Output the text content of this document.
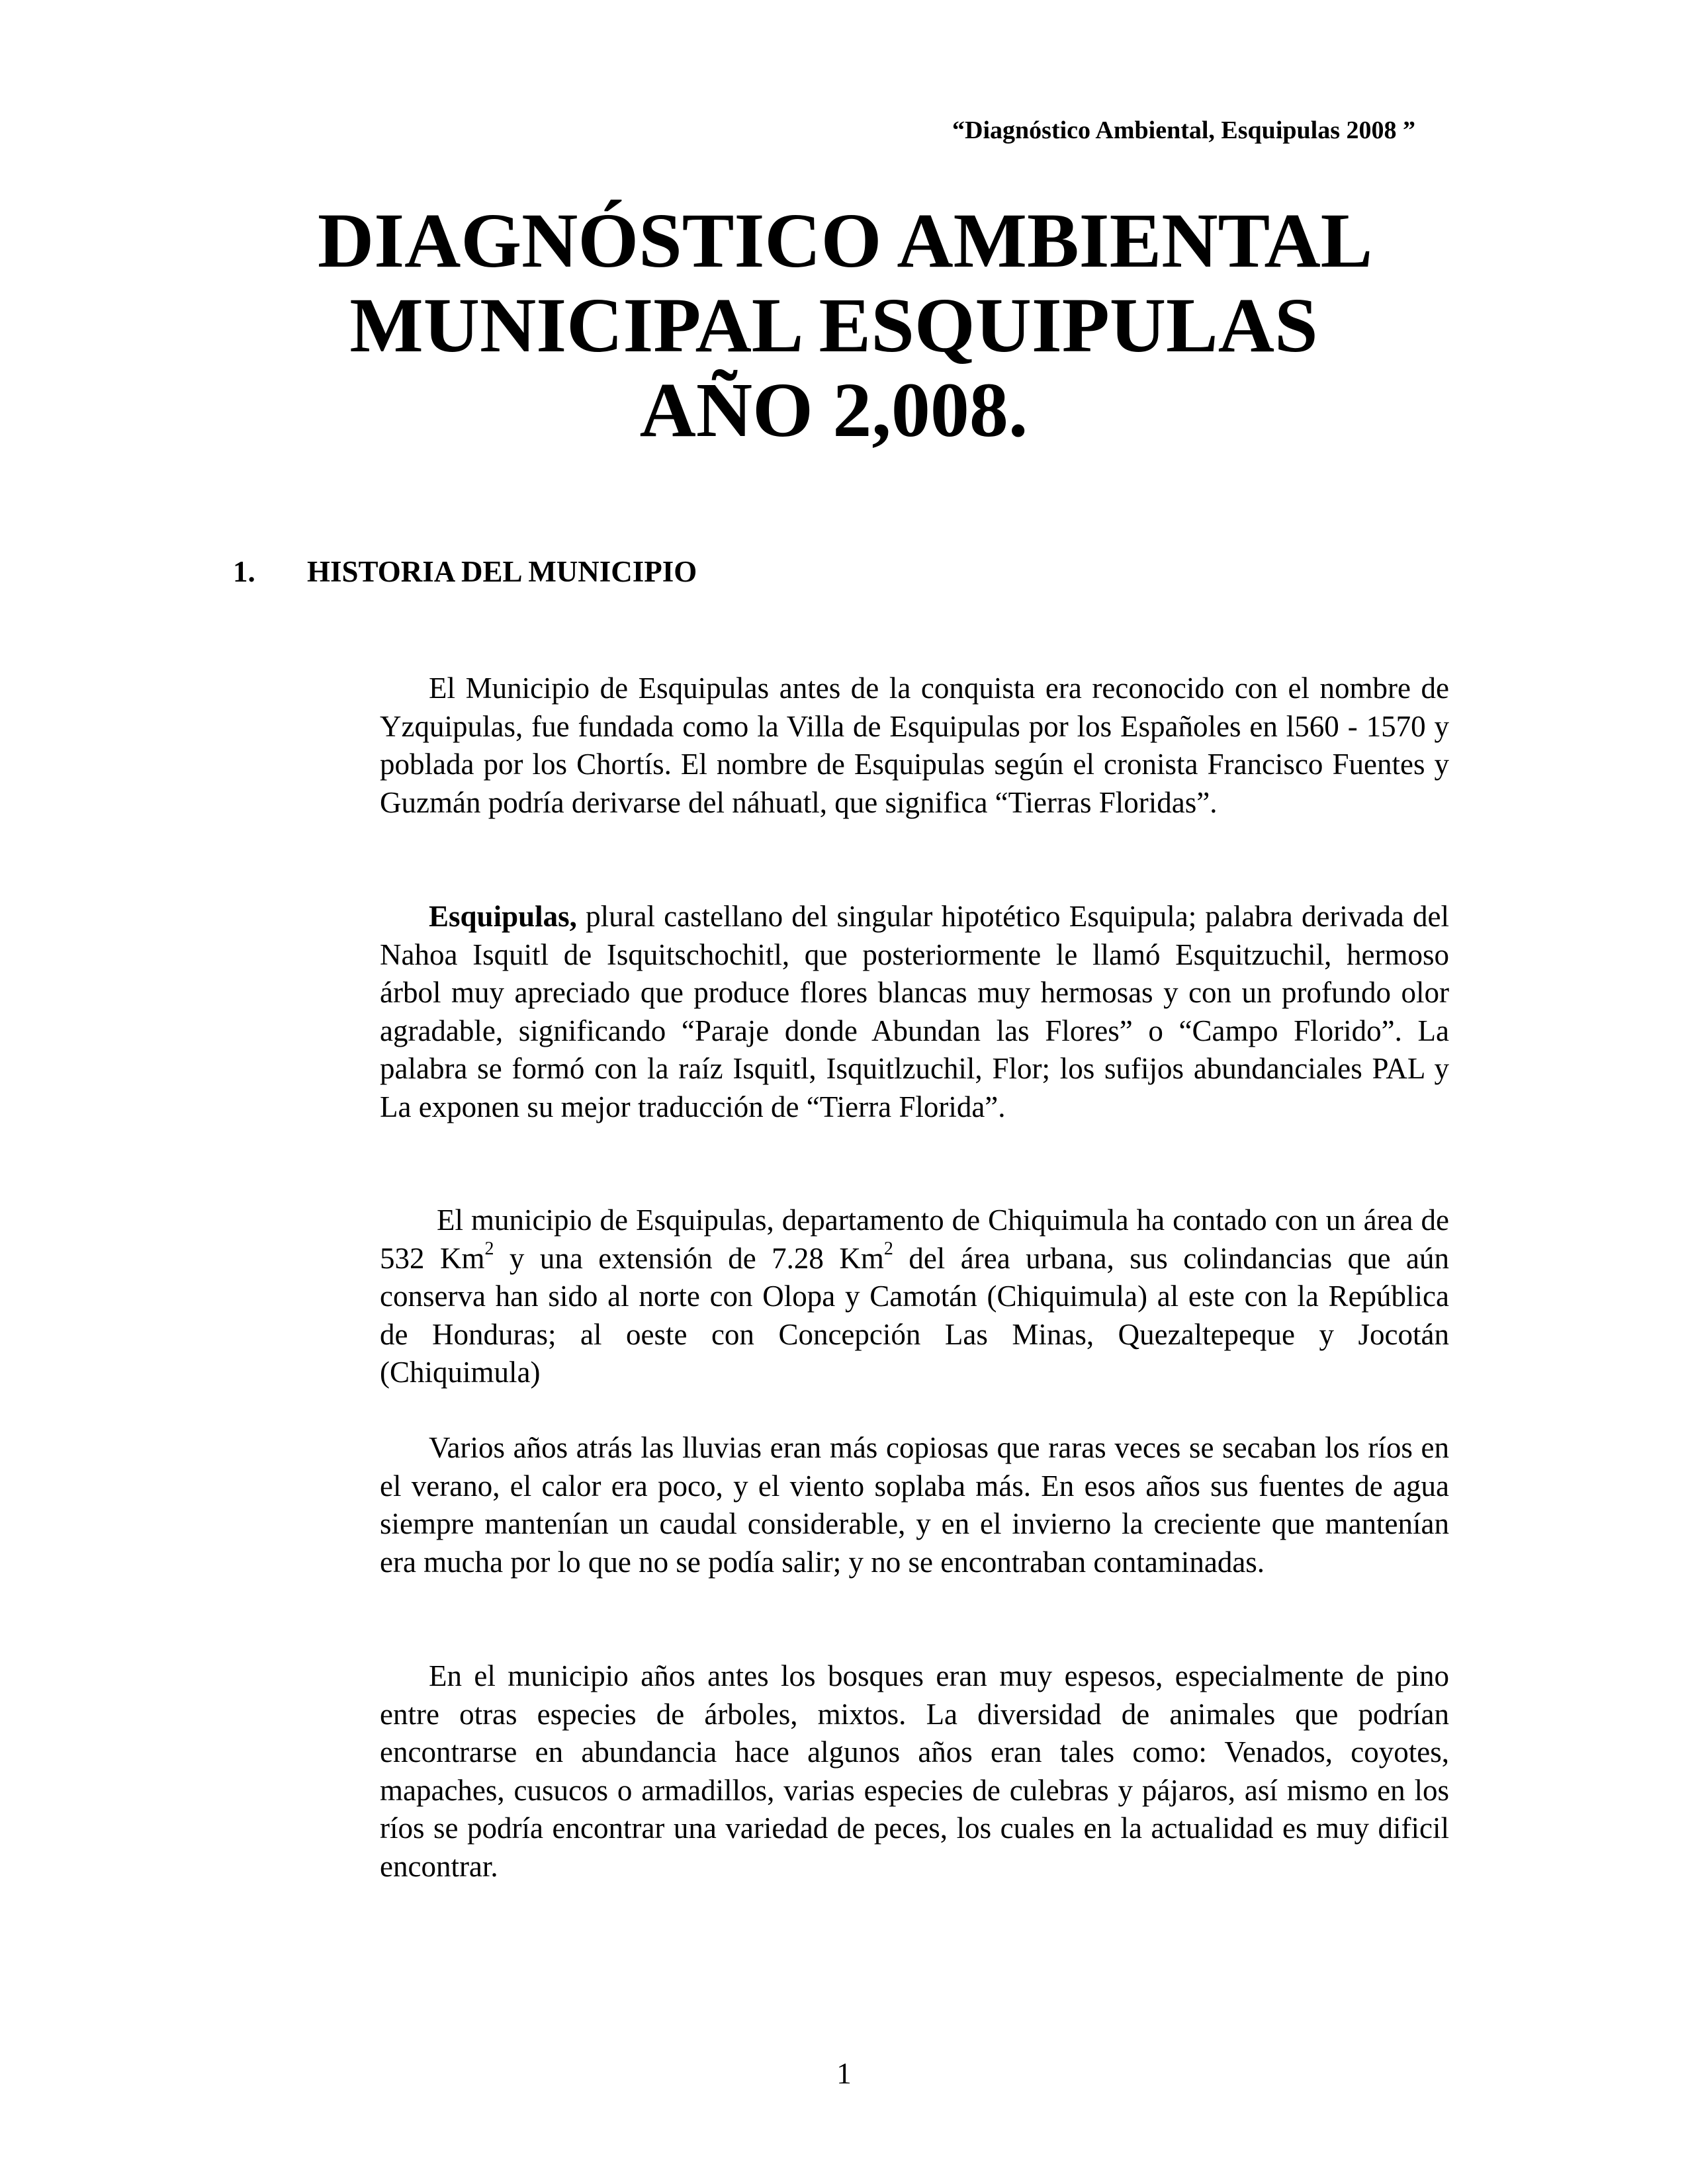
“Diagnóstico Ambiental, Esquipulas 2008 ”
DIAGNÓSTICO AMBIENTAL
MUNICIPAL ESQUIPULAS
AÑO 2,008.
1. HISTORIA DEL MUNICIPIO

El Municipio de Esquipulas antes de la conquista era reconocido con el nombre de Yzquipulas, fue fundada como la Villa de Esquipulas por los Españoles en l560 - 1570 y poblada por los Chortís. El nombre de Esquipulas según el cronista Francisco Fuentes y Guzmán podría derivarse del náhuatl, que significa “Tierras Floridas”.

Esquipulas, plural castellano del singular hipotético Esquipula; palabra derivada del Nahoa Isquitl de Isquitschochitl, que posteriormente le llamó Esquitzuchil, hermoso árbol muy apreciado que produce flores blancas muy hermosas y con un profundo olor agradable, significando “Paraje donde Abundan las Flores” o “Campo Florido”. La palabra se formó con la raíz Isquitl, Isquitlzuchil, Flor; los sufijos abundanciales PAL y La exponen su mejor traducción de “Tierra Florida”.

El municipio de Esquipulas, departamento de Chiquimula ha contado con un área de 532 Km$^2$ y una extensión de 7.28 Km$^2$ del área urbana, sus colindancias que aún conserva han sido al norte con Olopa y Camotán (Chiquimula) al este con la República de Honduras; al oeste con Concepción Las Minas, Quezaltepeque y Jocotán (Chiquimula)

Varios años atrás las lluvias eran más copiosas que raras veces se secaban los ríos en el verano, el calor era poco, y el viento soplaba más. En esos años sus fuentes de agua siempre mantenían un caudal considerable, y en el invierno la creciente que mantenían era mucha por lo que no se podía salir; y no se encontraban contaminadas.

En el municipio años antes los bosques eran muy espesos, especialmente de pino entre otras especies de árboles, mixtos. La diversidad de animales que podrían encontrarse en abundancia hace algunos años eran tales como: Venados, coyotes, mapaches, cusucos o armadillos, varias especies de culebras y pájaros, así mismo en los ríos se podría encontrar una variedad de peces, los cuales en la actualidad es muy dificil encontrar.

1
